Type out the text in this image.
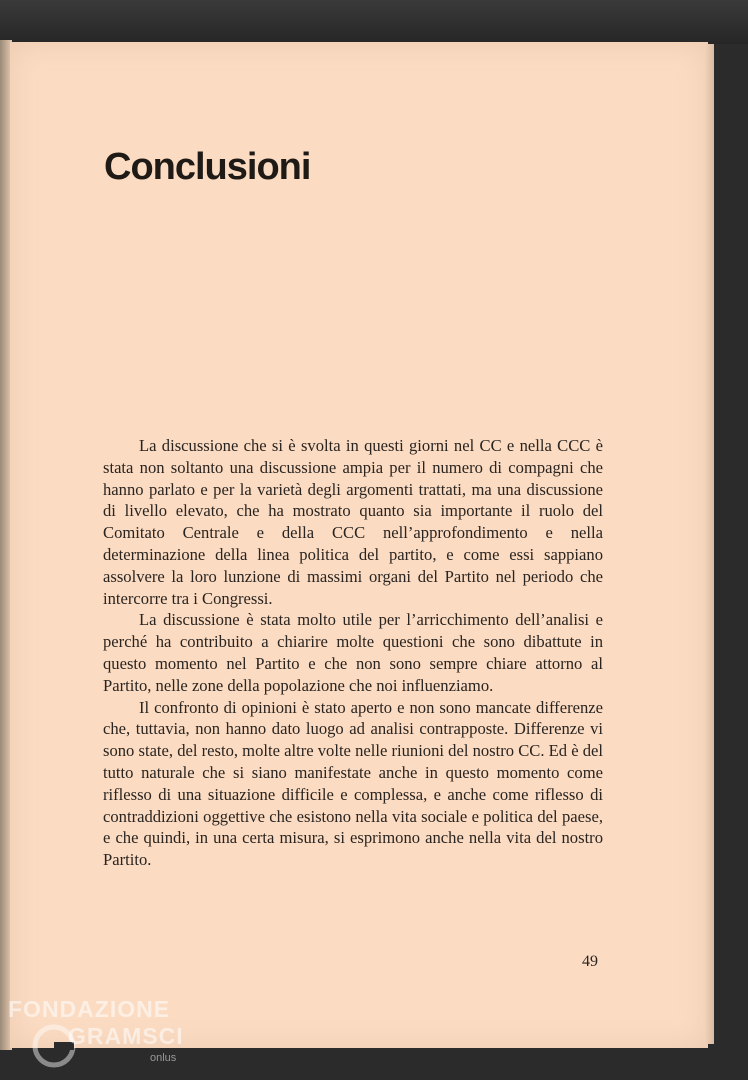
Conclusioni

La discussione che si è svolta in questi giorni nel CC e nella CCC è stata non soltanto una discussione ampia per il numero di compagni che hanno parlato e per la varietà degli argomenti trattati, ma una discussione di livello elevato, che ha mostrato quanto sia importante il ruolo del Comitato Centrale e della CCC nell’approfondimento e nella determinazione della linea politica del partito, e come essi sappiano assolvere la loro lunzione di massimi organi del Partito nel periodo che intercorre tra i Congressi.

La discussione è stata molto utile per l’arricchimento dell’analisi e perché ha contribuito a chiarire molte questioni che sono dibattute in questo momento nel Partito e che non sono sempre chiare attorno al Partito, nelle zone della popolazione che noi influenziamo.

Il confronto di opinioni è stato aperto e non sono mancate differenze che, tuttavia, non hanno dato luogo ad analisi contrapposte. Differenze vi sono state, del resto, molte altre volte nelle riunioni del nostro CC. Ed è del tutto naturale che si siano manifestate anche in questo momento come riflesso di una situazione difficile e complessa, e anche come riflesso di contraddizioni oggettive che esistono nella vita sociale e politica del paese, e che quindi, in una certa misura, si esprimono anche nella vita del nostro Partito.

49
FONDAZIONE
GRAMSCI
onlus
